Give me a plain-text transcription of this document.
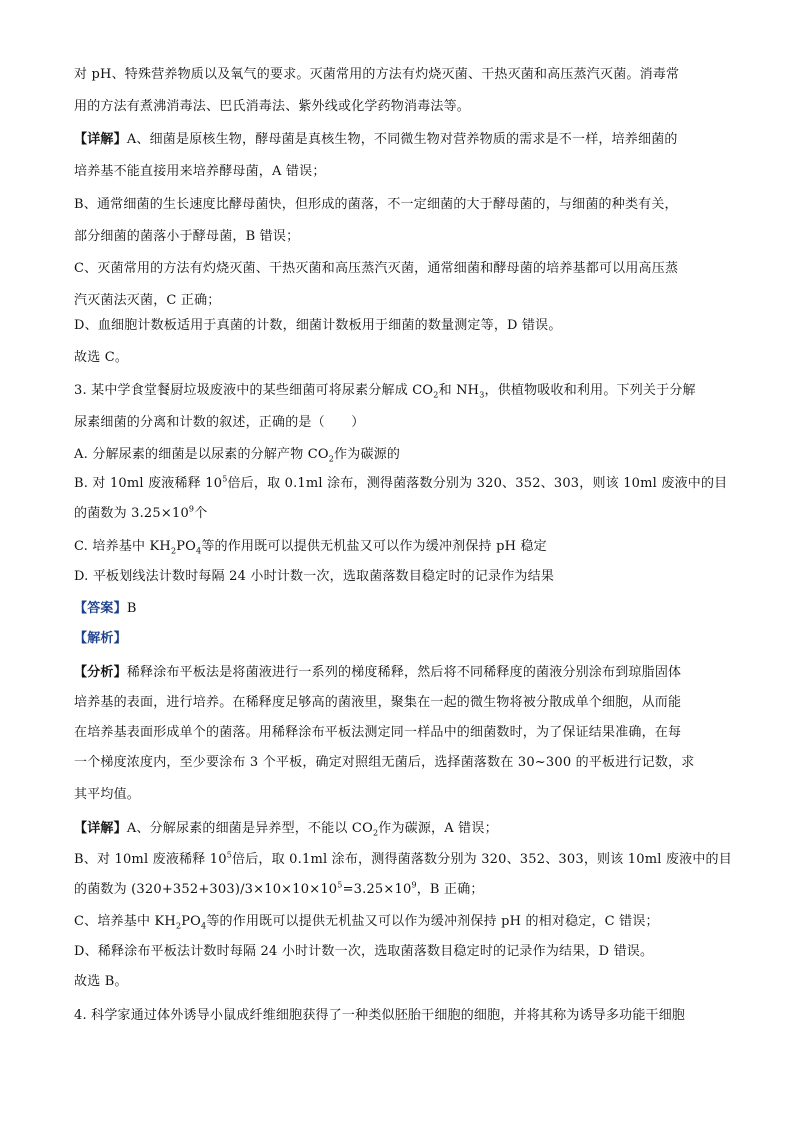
对 pH、特殊营养物质以及氧气的要求。灭菌常用的方法有灼烧灭菌、干热灭菌和高压蒸汽灭菌。消毒常
用的方法有煮沸消毒法、巴氏消毒法、紫外线或化学药物消毒法等。
【详解】A、细菌是原核生物，酵母菌是真核生物，不同微生物对营养物质的需求是不一样，培养细菌的
培养基不能直接用来培养酵母菌，A 错误；
B、通常细菌的生长速度比酵母菌快，但形成的菌落，不一定细菌的大于酵母菌的，与细菌的种类有关，
部分细菌的菌落小于酵母菌，B 错误；
C、灭菌常用的方法有灼烧灭菌、干热灭菌和高压蒸汽灭菌，通常细菌和酵母菌的培养基都可以用高压蒸
汽灭菌法灭菌，C 正确；
D、血细胞计数板适用于真菌的计数，细菌计数板用于细菌的数量测定等，D 错误。
故选 C。
3. 某中学食堂餐厨垃圾废液中的某些细菌可将尿素分解成 $CO_2$和 $NH_3$，供植物吸收和利用。下列关于分解
尿素细菌的分离和计数的叙述，正确的是（　　）
A. 分解尿素的细菌是以尿素的分解产物 $CO_2$作为碳源的
B. 对 10ml 废液稀释 $10^5$倍后，取 0.1ml 涂布，测得菌落数分别为 320、352、303，则该 10ml 废液中的目
的菌数为 $3.25\times 10^9$个
C. 培养基中 $KH_2PO_4$等的作用既可以提供无机盐又可以作为缓冲剂保持 pH 稳定
D. 平板划线法计数时每隔 24 小时计数一次，选取菌落数目稳定时的记录作为结果
【答案】B
【解析】
【分析】稀释涂布平板法是将菌液进行一系列的梯度稀释，然后将不同稀释度的菌液分别涂布到琼脂固体
培养基的表面，进行培养。在稀释度足够高的菌液里，聚集在一起的微生物将被分散成单个细胞，从而能
在培养基表面形成单个的菌落。用稀释涂布平板法测定同一样品中的细菌数时，为了保证结果准确，在每
一个梯度浓度内，至少要涂布 3 个平板，确定对照组无菌后，选择菌落数在 30~300 的平板进行记数，求
其平均值。
【详解】A、分解尿素的细菌是异养型，不能以 $CO_2$作为碳源，A 错误；
B、对 10ml 废液稀释 $10^5$倍后，取 0.1ml 涂布，测得菌落数分别为 320、352、303，则该 10ml 废液中的目
的菌数为 $(320+352+303)/3\times 10\times 10\times 10^5=3.25\times 10^9$，B 正确；
C、培养基中 $KH_2PO_4$等的作用既可以提供无机盐又可以作为缓冲剂保持 pH 的相对稳定，C 错误；
D、稀释涂布平板法计数时每隔 24 小时计数一次，选取菌落数目稳定时的记录作为结果，D 错误。
故选 B。
4. 科学家通过体外诱导小鼠成纤维细胞获得了一种类似胚胎干细胞的细胞，并将其称为诱导多功能干细胞
